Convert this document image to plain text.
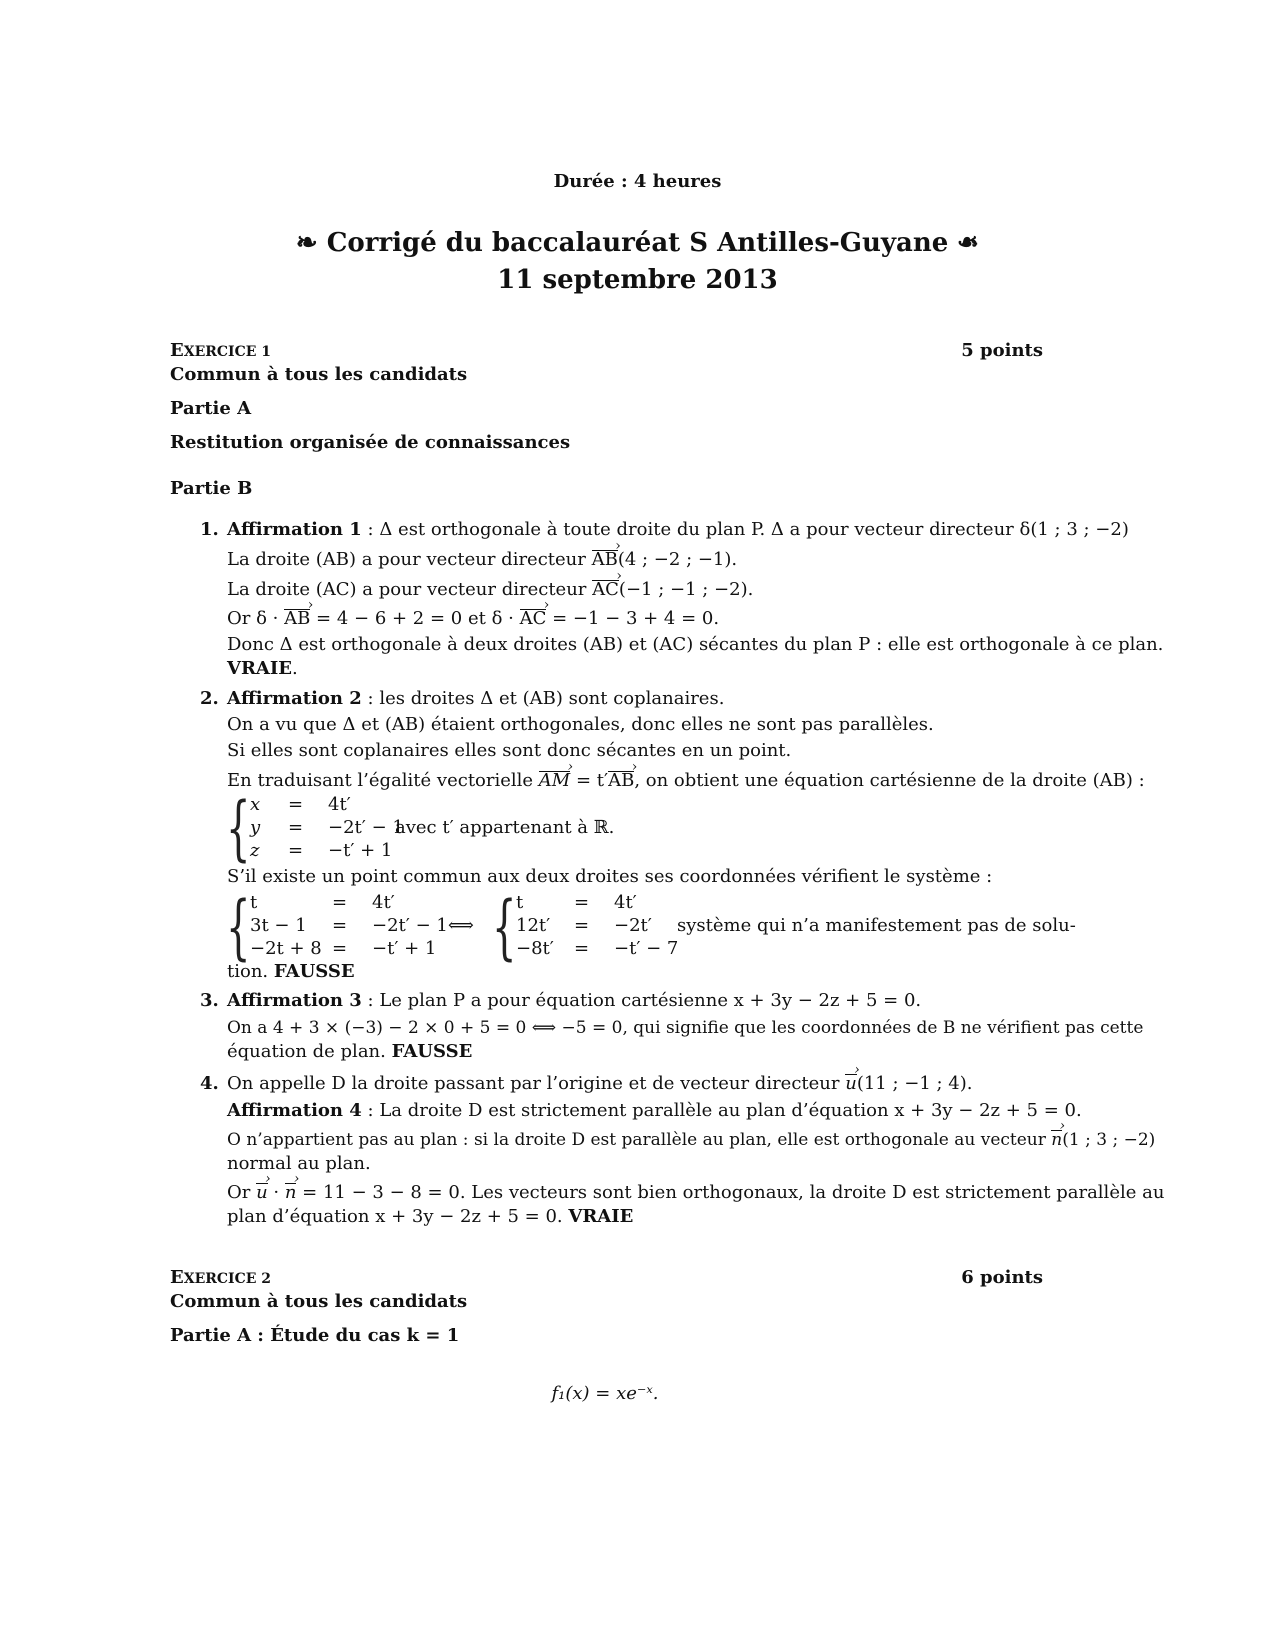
Durée : 4 heures
❧ Corrigé du baccalauréat S Antilles-Guyane ❧
11 septembre 2013
EXERCICE 1	5 points
Commun à tous les candidats
Partie A
Restitution organisée de connaissances
Partie B
1. Affirmation 1 : Δ est orthogonale à toute droite du plan P. Δ a pour vecteur directeur δ(1 ; 3 ; −2)
La droite (AB) a pour vecteur directeur AB ›(4 ; −2 ; −1).
La droite (AC) a pour vecteur directeur AC ›(−1 ; −1 ; −2).
Or δ · AB › = 4 − 6 + 2 = 0 et δ · AC › = −1 − 3 + 4 = 0.
Donc Δ est orthogonale à deux droites (AB) et (AC) sécantes du plan P : elle est orthogonale à ce plan.
VRAIE.
2. Affirmation 2 : les droites Δ et (AB) sont coplanaires.
On a vu que Δ et (AB) étaient orthogonales, donc elles ne sont pas parallèles.
Si elles sont coplanaires elles sont donc sécantes en un point.
En traduisant l’égalité vectorielle AM › = t′AB ›, on obtient une équation cartésienne de la droite (AB) :
{ x	=	4t′
y	=	−2t′ − 1
z	=	−t′ + 1
avec t′ appartenant à ℝ.
S’il existe un point commun aux deux droites ses coordonnées vérifient le système :
{ t	=	4t′
3t − 1	=	−2t′ − 1
−2t + 8	=	−t′ + 1
⟺ { t	=	4t′
12t′	=	−2t′
−8t′	=	−t′ − 7
système qui n’a manifestement pas de solu-
tion. FAUSSE
3. Affirmation 3 : Le plan P a pour équation cartésienne x + 3y − 2z + 5 = 0.
On a 4 + 3 × (−3) − 2 × 0 + 5 = 0 ⟺ −5 = 0, qui signifie que les coordonnées de B ne vérifient pas cette
équation de plan. FAUSSE
4. On appelle D la droite passant par l’origine et de vecteur directeur u ›(11 ; −1 ; 4).
Affirmation 4 : La droite D est strictement parallèle au plan d’équation x + 3y − 2z + 5 = 0.
O n’appartient pas au plan : si la droite D est parallèle au plan, elle est orthogonale au vecteur n ›(1 ; 3 ; −2)
normal au plan.
Or u › · n › = 11 − 3 − 8 = 0. Les vecteurs sont bien orthogonaux, la droite D est strictement parallèle au
plan d’équation x + 3y − 2z + 5 = 0. VRAIE
EXERCICE 2	6 points
Commun à tous les candidats
Partie A : Étude du cas k = 1
f₁(x) = xe⁻ˣ.
